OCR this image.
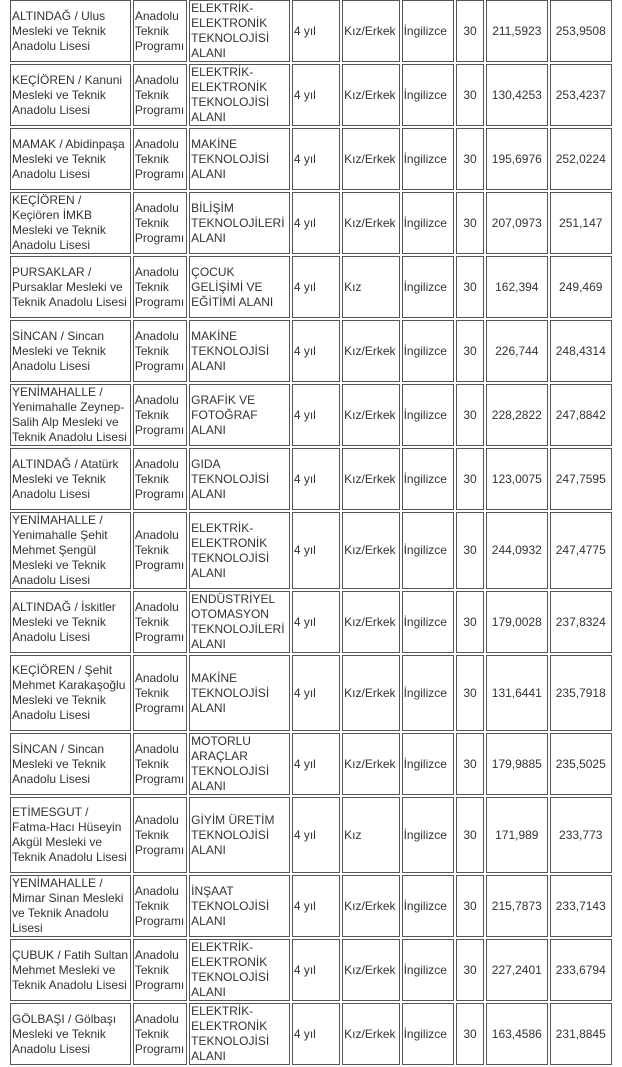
ALTINDAĞ / Ulus Mesleki ve Teknik Anadolu Lisesi	Anadolu Teknik Programı	ELEKTRİK-ELEKTRONİK TEKNOLOJİSİ ALANI	4 yıl	Kız/Erkek	İngilizce	30	211,5923	253,9508
KEÇİÖREN / Kanuni Mesleki ve Teknik Anadolu Lisesi	Anadolu Teknik Programı	ELEKTRİK-ELEKTRONİK TEKNOLOJİSİ ALANI	4 yıl	Kız/Erkek	İngilizce	30	130,4253	253,4237
MAMAK / Abidinpaşa Mesleki ve Teknik Anadolu Lisesi	Anadolu Teknik Programı	MAKİNE TEKNOLOJİSİ ALANI	4 yıl	Kız/Erkek	İngilizce	30	195,6976	252,0224
KEÇİÖREN / Keçiören İMKB Mesleki ve Teknik Anadolu Lisesi	Anadolu Teknik Programı	BİLİŞİM TEKNOLOJİLERİ ALANI	4 yıl	Kız/Erkek	İngilizce	30	207,0973	251,147
PURSAKLAR / Pursaklar Mesleki ve Teknik Anadolu Lisesi	Anadolu Teknik Programı	ÇOCUK GELİŞİMİ VE EĞİTİMİ ALANI	4 yıl	Kız	İngilizce	30	162,394	249,469
SİNCAN / Sincan Mesleki ve Teknik Anadolu Lisesi	Anadolu Teknik Programı	MAKİNE TEKNOLOJİSİ ALANI	4 yıl	Kız/Erkek	İngilizce	30	226,744	248,4314
YENİMAHALLE / Yenimahalle Zeynep-Salih Alp Mesleki ve Teknik Anadolu Lisesi	Anadolu Teknik Programı	GRAFİK VE FOTOĞRAF ALANI	4 yıl	Kız/Erkek	İngilizce	30	228,2822	247,8842
ALTINDAĞ / Atatürk Mesleki ve Teknik Anadolu Lisesi	Anadolu Teknik Programı	GIDA TEKNOLOJİSİ ALANI	4 yıl	Kız/Erkek	İngilizce	30	123,0075	247,7595
YENİMAHALLE / Yenimahalle Şehit Mehmet Şengül Mesleki ve Teknik Anadolu Lisesi	Anadolu Teknik Programı	ELEKTRİK-ELEKTRONİK TEKNOLOJİSİ ALANI	4 yıl	Kız/Erkek	İngilizce	30	244,0932	247,4775
ALTINDAĞ / İskitler Mesleki ve Teknik Anadolu Lisesi	Anadolu Teknik Programı	ENDÜSTRİYEL OTOMASYON TEKNOLOJİLERİ ALANI	4 yıl	Kız/Erkek	İngilizce	30	179,0028	237,8324
KEÇİÖREN / Şehit Mehmet Karakaşoğlu Mesleki ve Teknik Anadolu Lisesi	Anadolu Teknik Programı	MAKİNE TEKNOLOJİSİ ALANI	4 yıl	Kız/Erkek	İngilizce	30	131,6441	235,7918
SİNCAN / Sincan Mesleki ve Teknik Anadolu Lisesi	Anadolu Teknik Programı	MOTORLU ARAÇLAR TEKNOLOJİSİ ALANI	4 yıl	Kız/Erkek	İngilizce	30	179,9885	235,5025
ETİMESGUT / Fatma-Hacı Hüseyin Akgül Mesleki ve Teknik Anadolu Lisesi	Anadolu Teknik Programı	GİYİM ÜRETİM TEKNOLOJİSİ ALANI	4 yıl	Kız	İngilizce	30	171,989	233,773
YENİMAHALLE / Mimar Sinan Mesleki ve Teknik Anadolu Lisesi	Anadolu Teknik Programı	İNŞAAT TEKNOLOJİSİ ALANI	4 yıl	Kız/Erkek	İngilizce	30	215,7873	233,7143
ÇUBUK / Fatih Sultan Mehmet Mesleki ve Teknik Anadolu Lisesi	Anadolu Teknik Programı	ELEKTRİK-ELEKTRONİK TEKNOLOJİSİ ALANI	4 yıl	Kız/Erkek	İngilizce	30	227,2401	233,6794
GÖLBAŞI / Gölbaşı Mesleki ve Teknik Anadolu Lisesi	Anadolu Teknik Programı	ELEKTRİK-ELEKTRONİK TEKNOLOJİSİ ALANI	4 yıl	Kız/Erkek	İngilizce	30	163,4586	231,8845
